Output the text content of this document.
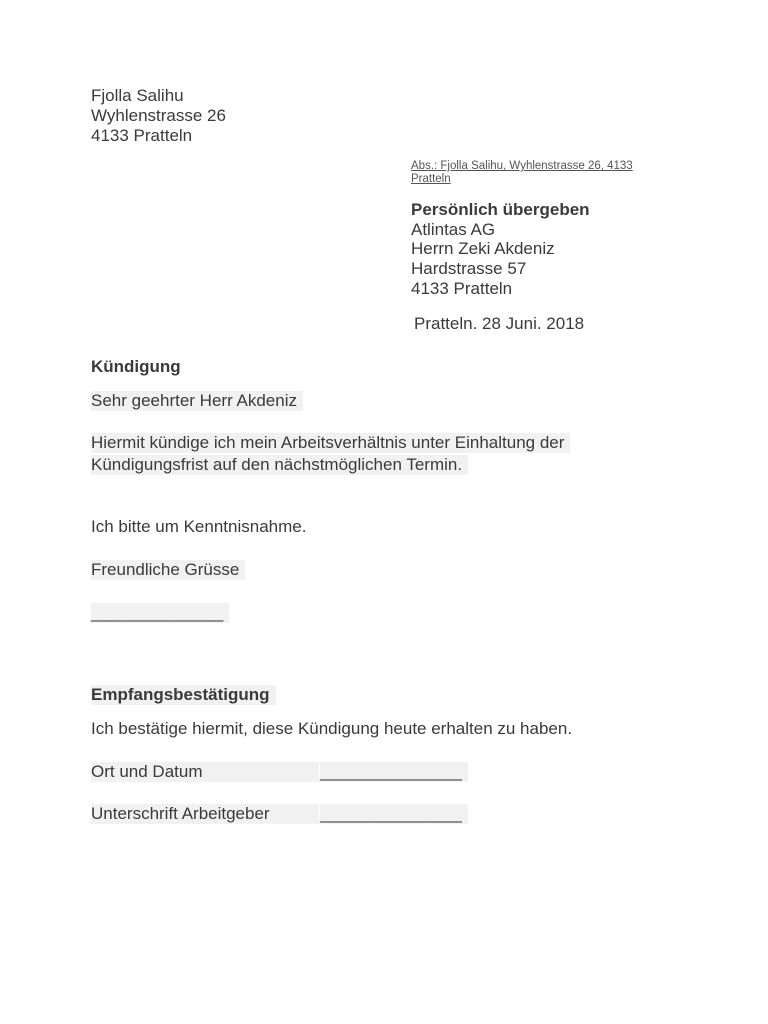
Fjolla Salihu
Wyhlenstrasse 26
4133 Pratteln
Abs.: Fjolla Salihu, Wyhlenstrasse 26, 4133 Pratteln
Persönlich übergeben
Atlintas AG
Herrn Zeki Akdeniz
Hardstrasse 57
4133 Pratteln
Pratteln. 28 Juni. 2018
Kündigung
Sehr geehrter Herr Akdeniz
Hiermit kündige ich mein Arbeitsverhältnis unter Einhaltung der
Kündigungsfrist auf den nächstmöglichen Termin.
Ich bitte um Kenntnisnahme.
Freundliche Grüsse
______________
Empfangsbestätigung
Ich bestätige hiermit, diese Kündigung heute erhalten zu haben.
Ort und Datum	_______________
Unterschrift Arbeitgeber	_______________
